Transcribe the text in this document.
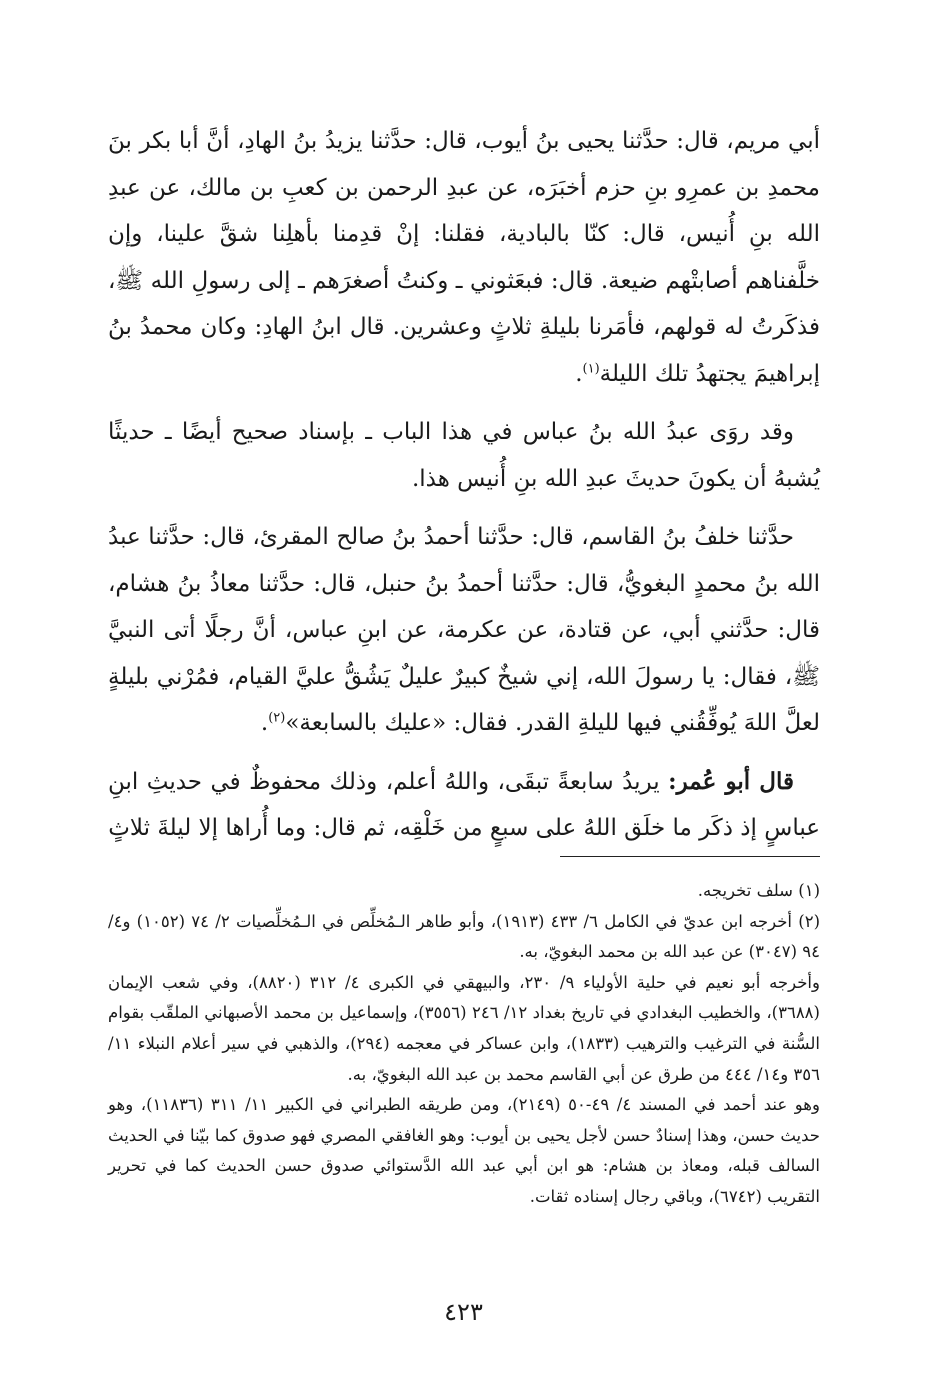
أبي مريم، قال: حدَّثنا يحيى بنُ أيوب، قال: حدَّثنا يزيدُ بنُ الهادِ، أنَّ أبا بكر بنَ محمدِ بن عمرِو بنِ حزم أخبَرَه، عن عبدِ الرحمن بن كعبِ بن مالك، عن عبدِ الله بنِ أُنيس، قال: كنّا بالبادية، فقلنا: إنْ قدِمنا بأهلِنا شقَّ علينا، وإن خلَّفناهم أصابتْهم ضيعة. قال: فبعَثوني ـ وكنتُ أصغرَهم ـ إلى رسولِ الله ﷺ، فذكَرتُ له قولهم، فأمَرنا بليلةِ ثلاثٍ وعشرين. قال ابنُ الهادِ: وكان محمدُ بنُ إبراهيمَ يجتهدُ تلك الليلة$^{(١)}$.

وقد روَى عبدُ الله بنُ عباس في هذا الباب ـ بإسناد صحيح أيضًا ـ حديثًا يُشبهُ أن يكونَ حديثَ عبدِ الله بنِ أُنيس هذا.

حدَّثنا خلفُ بنُ القاسم، قال: حدَّثنا أحمدُ بنُ صالح المقرئ، قال: حدَّثنا عبدُ الله بنُ محمدٍ البغويُّ، قال: حدَّثنا أحمدُ بنُ حنبل، قال: حدَّثنا معاذُ بنُ هشام، قال: حدَّثني أبي، عن قتادة، عن عكرمة، عن ابنِ عباس، أنَّ رجلًا أتى النبيَّ ﷺ، فقال: يا رسولَ الله، إني شيخٌ كبيرٌ عليلٌ يَشُقُّ عليَّ القيام، فمُرْني بليلةٍ لعلَّ اللهَ يُوفِّقُني فيها لليلةِ القدر. فقال: «عليك بالسابعة»$^{(٢)}$.

قال أبو عُمر: يريدُ سابعةً تبقَى، واللهُ أعلم، وذلك محفوظٌ في حديثِ ابنِ عباسٍ إذ ذكَر ما خلَق اللهُ على سبعٍ من خَلْقِه، ثم قال: وما أُراها إلا ليلةَ ثلاثٍ

(١) سلف تخريجه.

(٢) أخرجه ابن عديّ في الكامل ٦/ ٤٣٣ (١٩١٣)، وأبو طاهر الـمُخلِّص في الـمُخلِّصيات ٢/ ٧٤ (١٠٥٢) و٤/ ٩٤ (٣٠٤٧) عن عبد الله بن محمد البغويّ، به.

وأخرجه أبو نعيم في حلية الأولياء ٩/ ٢٣٠، والبيهقي في الكبرى ٤/ ٣١٢ (٨٨٢٠)، وفي شعب الإيمان (٣٦٨٨)، والخطيب البغدادي في تاريخ بغداد ١٢/ ٢٤٦ (٣٥٥٦)، وإسماعيل بن محمد الأصبهاني الملقّب بقوام السُّنة في الترغيب والترهيب (١٨٣٣)، وابن عساكر في معجمه (٢٩٤)، والذهبي في سير أعلام النبلاء ١١/ ٣٥٦ و١٤/ ٤٤٤ من طرق عن أبي القاسم محمد بن عبد الله البغويّ، به.

وهو عند أحمد في المسند ٤/ ٤٩-٥٠ (٢١٤٩)، ومن طريقه الطبراني في الكبير ١١/ ٣١١ (١١٨٣٦)، وهو حديث حسن، وهذا إسنادٌ حسن لأجل يحيى بن أيوب: وهو الغافقي المصري فهو صدوق كما بيّنا في الحديث السالف قبله، ومعاذ بن هشام: هو ابن أبي عبد الله الدَّستوائي صدوق حسن الحديث كما في تحرير التقريب (٦٧٤٢)، وباقي رجال إسناده ثقات.

٤٢٣
